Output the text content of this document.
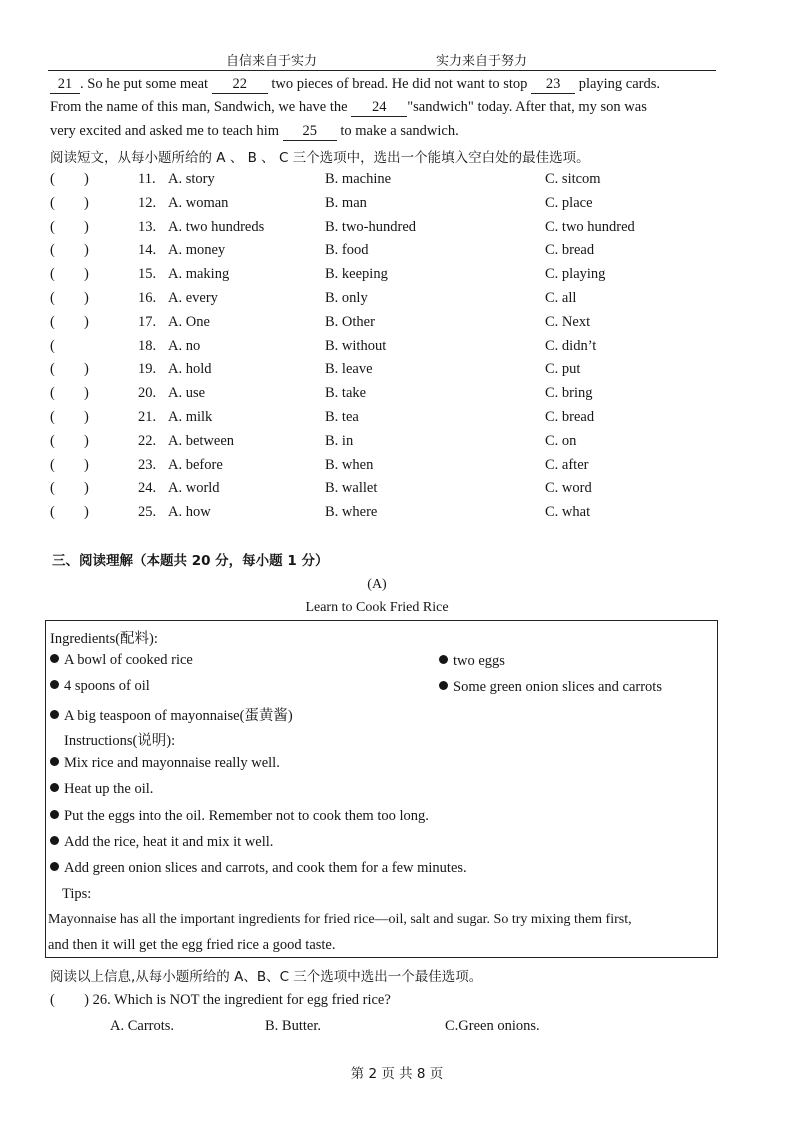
自信来自于实力	实力来自于努力
21 . So he put some meat 22 two pieces of bread. He did not want to stop 23 playing cards.
From the name of this man, Sandwich, we have the 24 "sandwich" today. After that, my son was
very excited and asked me to teach him 25 to make a sandwich.
阅读短文，从每小题所给的 A 、 B 、 C 三个选项中，选出一个能填入空白处的最佳选项。
(	11. A. story	B. machine	C. sitcom
)
(	12. A. woman	B. man	C. place
)
(	13. A. two hundreds	B. two-hundred	C. two hundred
)
(	14. A. money	B. food	C. bread
)
(	15. A. making	B. keeping	C. playing
)
(	16. A. every	B. only	C. all
)
(	17. A. One	B. Other	C. Next
)
(	18. A. no	B. without	C. didn’t
(	19. A. hold	B. leave	C. put
)
(	20. A. use	B. take	C. bring
)
(	21. A. milk	B. tea	C. bread
)
(	22. A. between	B. in	C. on
)
(	23. A. before	B. when	C. after
)
(	24. A. world	B. wallet	C. word
)
(	25. A. how	B. where	C. what
)
三、阅读理解（本题共 20 分，每小题 1 分）
(A)
Learn to Cook Fried Rice
Ingredients(配料):
A bowl of cooked rice	two eggs
4 spoons of oil	Some green onion slices and carrots
A big teaspoon of mayonnaise(蛋黄酱)
Instructions(说明):
Mix rice and mayonnaise really well.
Heat up the oil.
Put the eggs into the oil. Remember not to cook them too long.
Add the rice, heat it and mix it well.
Add green onion slices and carrots, and cook them for a few minutes.
Tips:
Mayonnaise has all the important ingredients for fried rice—oil, salt and sugar. So try mixing them first,
and then it will get the egg fried rice a good taste.
阅读以上信息,从每小题所给的 A、B、C 三个选项中选出一个最佳选项。
( ) 26. Which is NOT the ingredient for egg fried rice?
A. Carrots.	B. Butter.	C.Green onions.
第 2 页 共 8 页
